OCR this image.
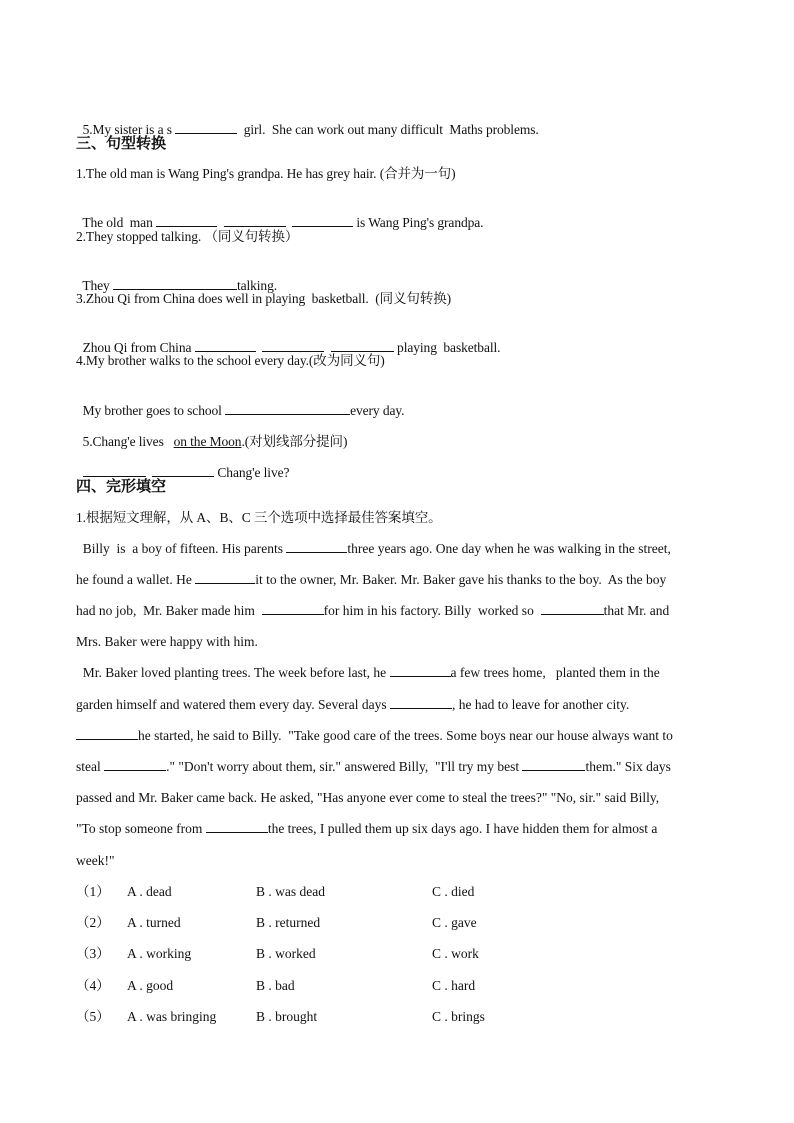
5.My sister is a s	girl.  She can work out many difficult  Maths problems.

三、句型转换
1.The old man is Wang Ping's grandpa. He has grey hair. (合并为一句)

The old  man	is Wang Ping's grandpa.

2.They stopped talking. （同义句转换）

They	talking.

3.Zhou Qi from China does well in playing  basketball.  (同义句转换)

Zhou Qi from China	playing  basketball.

4.My brother walks to the school every day.(改为同义句)

My brother goes to school	every day.

5.Chang'e lives   on the Moon.(对划线部分提问)

Chang'e live?

四、完形填空
1.根据短文理解，从 A、B、C 三个选项中选择最佳答案填空。
Billy  is  a boy of fifteen. His parents	three years ago. One day when he was walking in the street,
he found a wallet. He	it to the owner, Mr. Baker. Mr. Baker gave his thanks to the boy.  As the boy
had no job,  Mr. Baker made him	for him in his factory. Billy  worked so	that Mr. and
Mrs. Baker were happy with him.
Mr. Baker loved planting trees. The week before last, he	a few trees home,   planted them in the
garden himself and watered them every day. Several days	, he had to leave for another city.
he started, he said to Billy.  "Take good care of the trees. Some boys near our house always want to
steal	." "Don't worry about them, sir." answered Billy,  "I'll try my best	them." Six days
passed and Mr. Baker came back. He asked, "Has anyone ever come to steal the trees?" "No, sir." said Billy,
"To stop someone from	the trees, I pulled them up six days ago. I have hidden them for almost a
week!"
（1） A . dead	B . was dead	C . died
（2） A . turned	B . returned	C . gave
（3） A . working	B . worked	C . work
（4） A . good	B . bad	C . hard
（5） A . was bringing	B . brought	C . brings
